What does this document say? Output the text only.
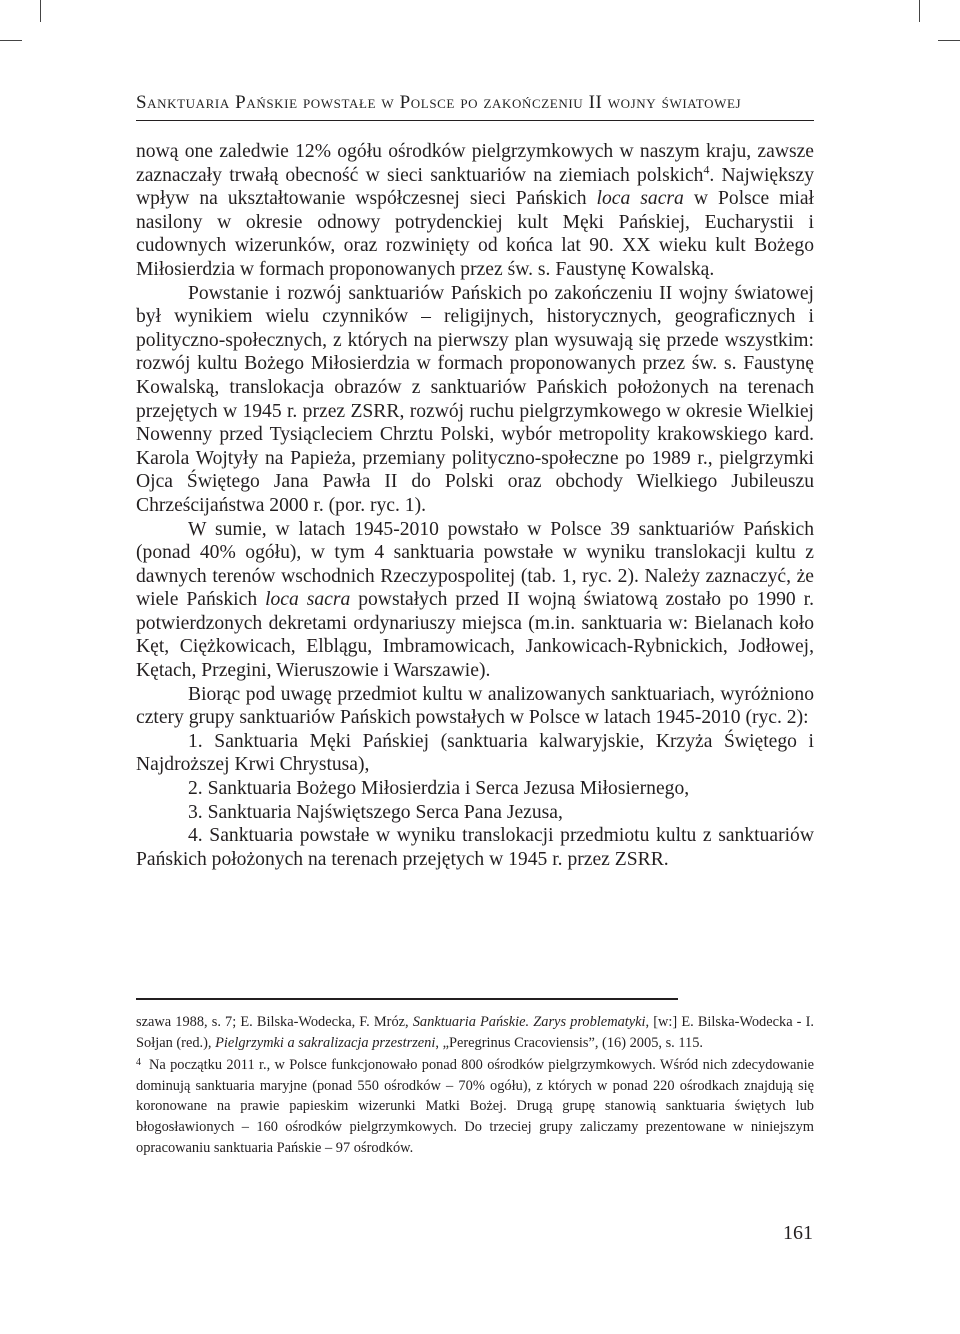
Sanktuaria Pańskie powstałe w Polsce po zakończeniu II wojny światowej

nową one zaledwie 12% ogółu ośrodków pielgrzymkowych w naszym kraju, zawsze zaznaczały trwałą obecność w sieci sanktuariów na ziemiach polskich$^4$. Największy wpływ na ukształtowanie współczesnej sieci Pańskich loca sacra w Polsce miał nasilony w okresie odnowy potrydenckiej kult Męki Pańskiej, Eucharystii i cudownych wizerunków, oraz rozwinięty od końca lat 90. XX wieku kult Bożego Miłosierdzia w formach proponowanych przez św. s. Faustynę Kowalską.

Powstanie i rozwój sanktuariów Pańskich po zakończeniu II wojny światowej był wynikiem wielu czynników – religijnych, historycznych, geograficznych i polityczno-społecznych, z których na pierwszy plan wysuwają się przede wszystkim: rozwój kultu Bożego Miłosierdzia w formach proponowanych przez św. s. Faustynę Kowalską, translokacja obrazów z sanktuariów Pańskich położonych na terenach przejętych w 1945 r. przez ZSRR, rozwój ruchu pielgrzymkowego w okresie Wielkiej Nowenny przed Tysiącleciem Chrztu Polski, wybór metropolity krakowskiego kard. Karola Wojtyły na Papieża, przemiany polityczno-społeczne po 1989 r., pielgrzymki Ojca Świętego Jana Pawła II do Polski oraz obchody Wielkiego Jubileuszu Chrześcijaństwa 2000 r. (por. ryc. 1).

W sumie, w latach 1945-2010 powstało w Polsce 39 sanktuariów Pańskich (ponad 40% ogółu), w tym 4 sanktuaria powstałe w wyniku translokacji kultu z dawnych terenów wschodnich Rzeczypospolitej (tab. 1, ryc. 2). Należy zaznaczyć, że wiele Pańskich loca sacra powstałych przed II wojną światową zostało po 1990 r. potwierdzonych dekretami ordynariuszy miejsca (m.in. sanktuaria w: Bielanach koło Kęt, Ciężkowicach, Elblągu, Imbramowicach, Jankowicach-Rybnickich, Jodłowej, Kętach, Przegini, Wieruszowie i Warszawie).

Biorąc pod uwagę przedmiot kultu w analizowanych sanktuariach, wyróżniono cztery grupy sanktuariów Pańskich powstałych w Polsce w latach 1945-2010 (ryc. 2):

1. Sanktuaria Męki Pańskiej (sanktuaria kalwaryjskie, Krzyża Świętego i Najdroższej Krwi Chrystusa),

2. Sanktuaria Bożego Miłosierdzia i Serca Jezusa Miłosiernego,

3. Sanktuaria Najświętszego Serca Pana Jezusa,

4. Sanktuaria powstałe w wyniku translokacji przedmiotu kultu z sanktuariów Pańskich położonych na terenach przejętych w 1945 r. przez ZSRR.

szawa 1988, s. 7; E. Bilska-Wodecka, F. Mróz, Sanktuaria Pańskie. Zarys problematyki, [w:] E. Bilska-Wodecka - I. Sołjan (red.), Pielgrzymki a sakralizacja przestrzeni, „Peregrinus Cracoviensis”, (16) 2005, s. 115.

$^4$ Na początku 2011 r., w Polsce funkcjonowało ponad 800 ośrodków pielgrzymkowych. Wśród nich zdecydowanie dominują sanktuaria maryjne (ponad 550 ośrodków – 70% ogółu), z których w ponad 220 ośrodkach znajdują się koronowane na prawie papieskim wizerunki Matki Bożej. Drugą grupę stanowią sanktuaria świętych lub błogosławionych – 160 ośrodków pielgrzymkowych. Do trzeciej grupy zaliczamy prezentowane w niniejszym opracowaniu sanktuaria Pańskie – 97 ośrodków.

161
